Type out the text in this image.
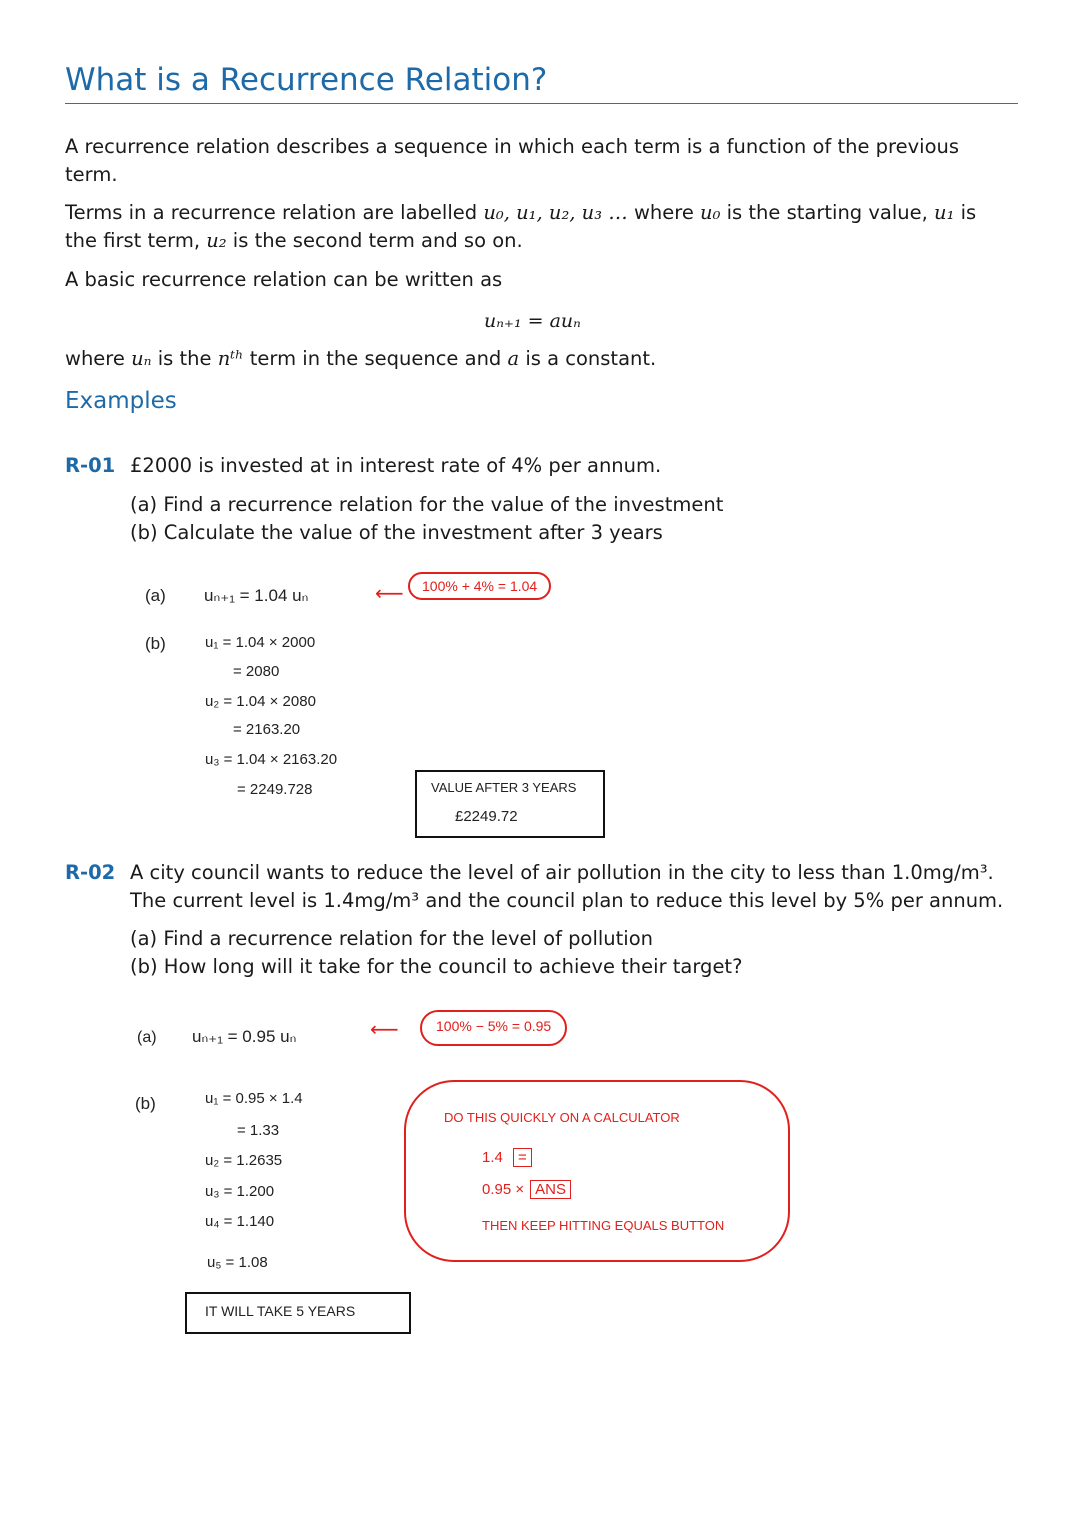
What is a Recurrence Relation?
A recurrence relation describes a sequence in which each term is a function of the previous
term.
Terms in a recurrence relation are labelled u₀, u₁, u₂, u₃ … where u₀ is the starting value, u₁ is
the first term, u₂ is the second term and so on.
A basic recurrence relation can be written as
uₙ₊₁ = auₙ
where uₙ is the nᵗʰ term in the sequence and a is a constant.
Examples
R-01 £2000 is invested at in interest rate of 4% per annum.
(a) Find a recurrence relation for the value of the investment
(b) Calculate the value of the investment after 3 years
(a) uₙ₊₁ = 1.04 uₙ	⟵	100% + 4% = 1.04
(b)	u₁ = 1.04 × 2000
= 2080
u₂ = 1.04 × 2080
= 2163.20
u₃ = 1.04 × 2163.20
= 2249.728	VALUE AFTER 3 YEARS
£2249.72
R-02 A city council wants to reduce the level of air pollution in the city to less than 1.0mg/m³.
The current level is 1.4mg/m³ and the council plan to reduce this level by 5% per annum.
(a) Find a recurrence relation for the level of pollution
(b) How long will it take for the council to achieve their target?
(a) uₙ₊₁ = 0.95 uₙ	⟵	100% − 5% = 0.95
(b)	u₁ = 0.95 × 1.4
= 1.33
u₂ = 1.2635
u₃ = 1.200
u₄ = 1.140
u₅ = 1.08
IT WILL TAKE 5 YEARS
DO THIS QUICKLY ON A CALCULATOR
1.4 =
0.95 × ANS
THEN KEEP HITTING EQUALS BUTTON
